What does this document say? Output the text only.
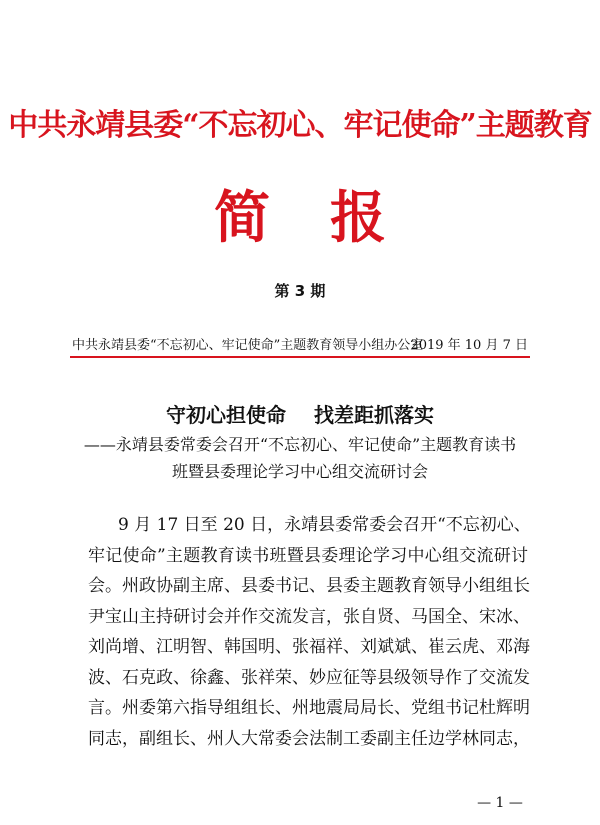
中共永靖县委“不忘初心、牢记使命”主题教育
简报
第 3 期
中共永靖县委“不忘初心、牢记使命”主题教育领导小组办公室
2019 年 10 月 7 日
守初心担使命 找差距抓落实
——永靖县委常委会召开“不忘初心、牢记使命”主题教育读书
班暨县委理论学习中心组交流研讨会
9 月 17 日至 20 日，永靖县委常委会召开“不忘初心、
牢记使命”主题教育读书班暨县委理论学习中心组交流研讨
会。州政协副主席、县委书记、县委主题教育领导小组组长
尹宝山主持研讨会并作交流发言，张自贤、马国全、宋冰、
刘尚增、江明智、韩国明、张福祥、刘斌斌、崔云虎、邓海
波、石克政、徐鑫、张祥荣、妙应征等县级领导作了交流发
言。州委第六指导组组长、州地震局局长、党组书记杜辉明
同志，副组长、州人大常委会法制工委副主任边学林同志，
— 1 —
